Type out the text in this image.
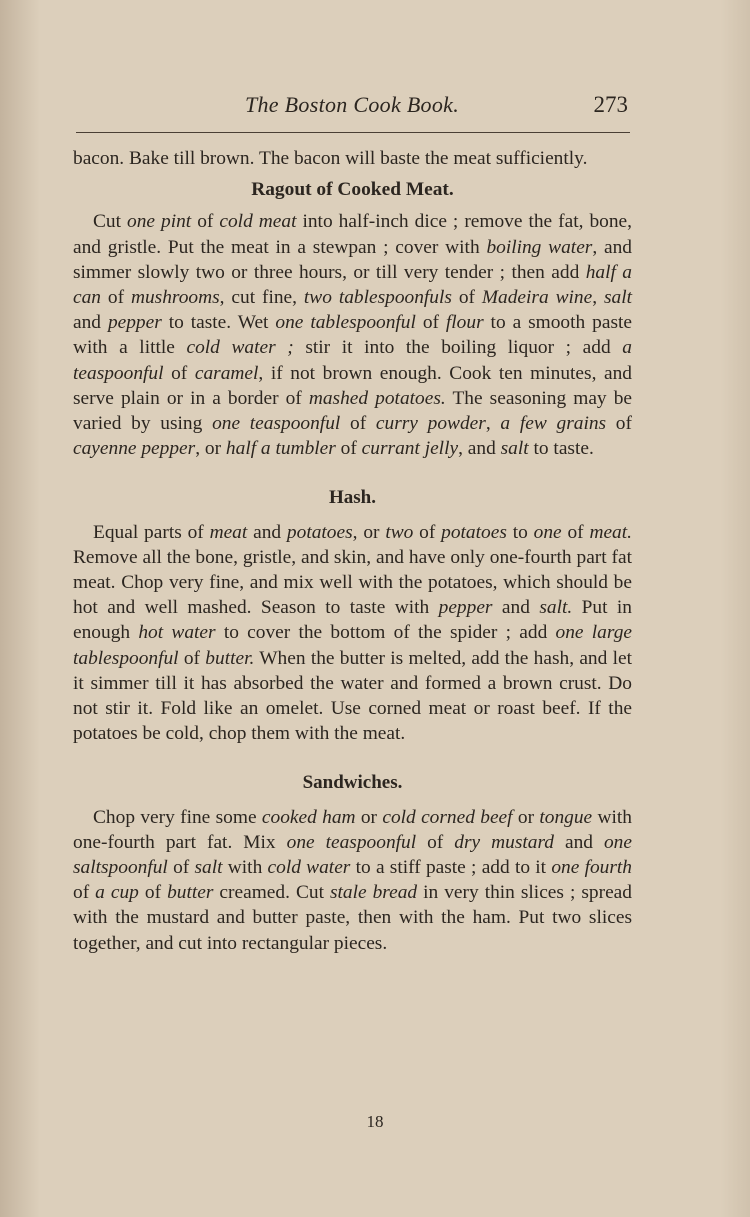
The Boston Cook Book.	273

bacon. Bake till brown. The bacon will baste the meat sufficiently.

Ragout of Cooked Meat.

Cut one pint of cold meat into half-inch dice ; remove the fat, bone, and gristle. Put the meat in a stewpan ; cover with boiling water, and simmer slowly two or three hours, or till very tender ; then add half a can of mushrooms, cut fine, two tablespoonfuls of Madeira wine, salt and pepper to taste. Wet one tablespoonful of flour to a smooth paste with a little cold water ; stir it into the boiling liquor ; add a teaspoonful of caramel, if not brown enough. Cook ten minutes, and serve plain or in a border of mashed potatoes. The seasoning may be varied by using one teaspoonful of curry powder, a few grains of cayenne pepper, or half a tumbler of currant jelly, and salt to taste.

Hash.

Equal parts of meat and potatoes, or two of potatoes to one of meat. Remove all the bone, gristle, and skin, and have only one-fourth part fat meat. Chop very fine, and mix well with the potatoes, which should be hot and well mashed. Season to taste with pepper and salt. Put in enough hot water to cover the bottom of the spider ; add one large tablespoonful of butter. When the butter is melted, add the hash, and let it simmer till it has absorbed the water and formed a brown crust. Do not stir it. Fold like an omelet. Use corned meat or roast beef. If the potatoes be cold, chop them with the meat.

Sandwiches.

Chop very fine some cooked ham or cold corned beef or tongue with one-fourth part fat. Mix one teaspoonful of dry mustard and one saltspoonful of salt with cold water to a stiff paste ; add to it one fourth of a cup of butter creamed. Cut stale bread in very thin slices ; spread with the mustard and butter paste, then with the ham. Put two slices together, and cut into rectangular pieces.

18
